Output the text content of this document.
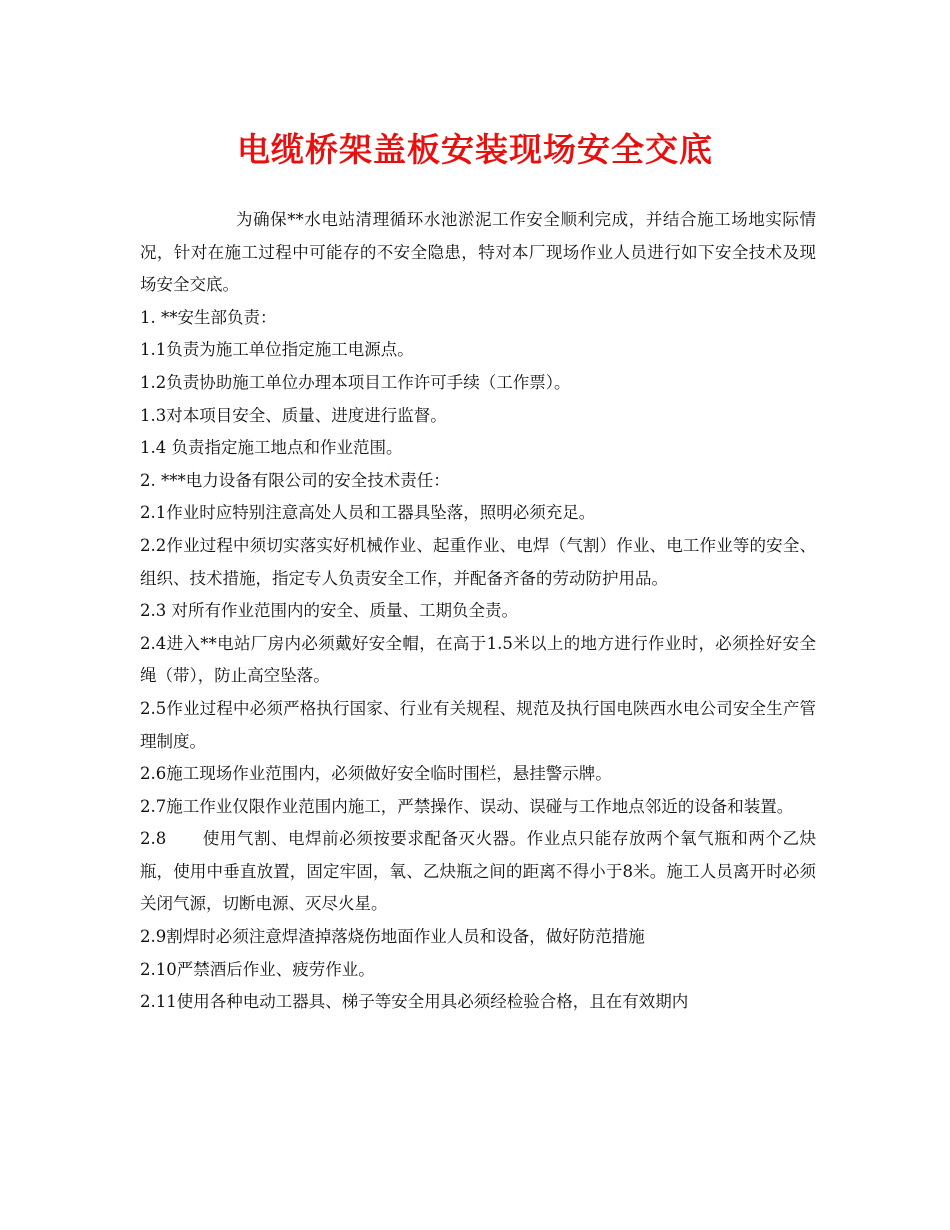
电缆桥架盖板安装现场安全交底

为确保**水电站清理循环水池淤泥工作安全顺利完成，并结合施工场地实际情况，针对在施工过程中可能存的不安全隐患，特对本厂现场作业人员进行如下安全技术及现场安全交底。

1. **安生部负责：

1.1负责为施工单位指定施工电源点。

1.2负责协助施工单位办理本项目工作许可手续（工作票）。

1.3对本项目安全、质量、进度进行监督。

1.4 负责指定施工地点和作业范围。

2. ***电力设备有限公司的安全技术责任：

2.1作业时应特别注意高处人员和工器具坠落，照明必须充足。

2.2作业过程中须切实落实好机械作业、起重作业、电焊（气割）作业、电工作业等的安全、组织、技术措施，指定专人负责安全工作，并配备齐备的劳动防护用品。

2.3 对所有作业范围内的安全、质量、工期负全责。

2.4进入**电站厂房内必须戴好安全帽，在高于1.5米以上的地方进行作业时，必须拴好安全绳（带），防止高空坠落。

2.5作业过程中必须严格执行国家、行业有关规程、规范及执行国电陕西水电公司安全生产管理制度。

2.6施工现场作业范围内，必须做好安全临时围栏，悬挂警示牌。

2.7施工作业仅限作业范围内施工，严禁操作、误动、误碰与工作地点邻近的设备和装置。

2.8 使用气割、电焊前必须按要求配备灭火器。作业点只能存放两个氧气瓶和两个乙炔瓶，使用中垂直放置，固定牢固，氧、乙炔瓶之间的距离不得小于8米。施工人员离开时必须关闭气源，切断电源、灭尽火星。

2.9割焊时必须注意焊渣掉落烧伤地面作业人员和设备，做好防范措施

2.10严禁酒后作业、疲劳作业。

2.11使用各种电动工器具、梯子等安全用具必须经检验合格，且在有效期内
